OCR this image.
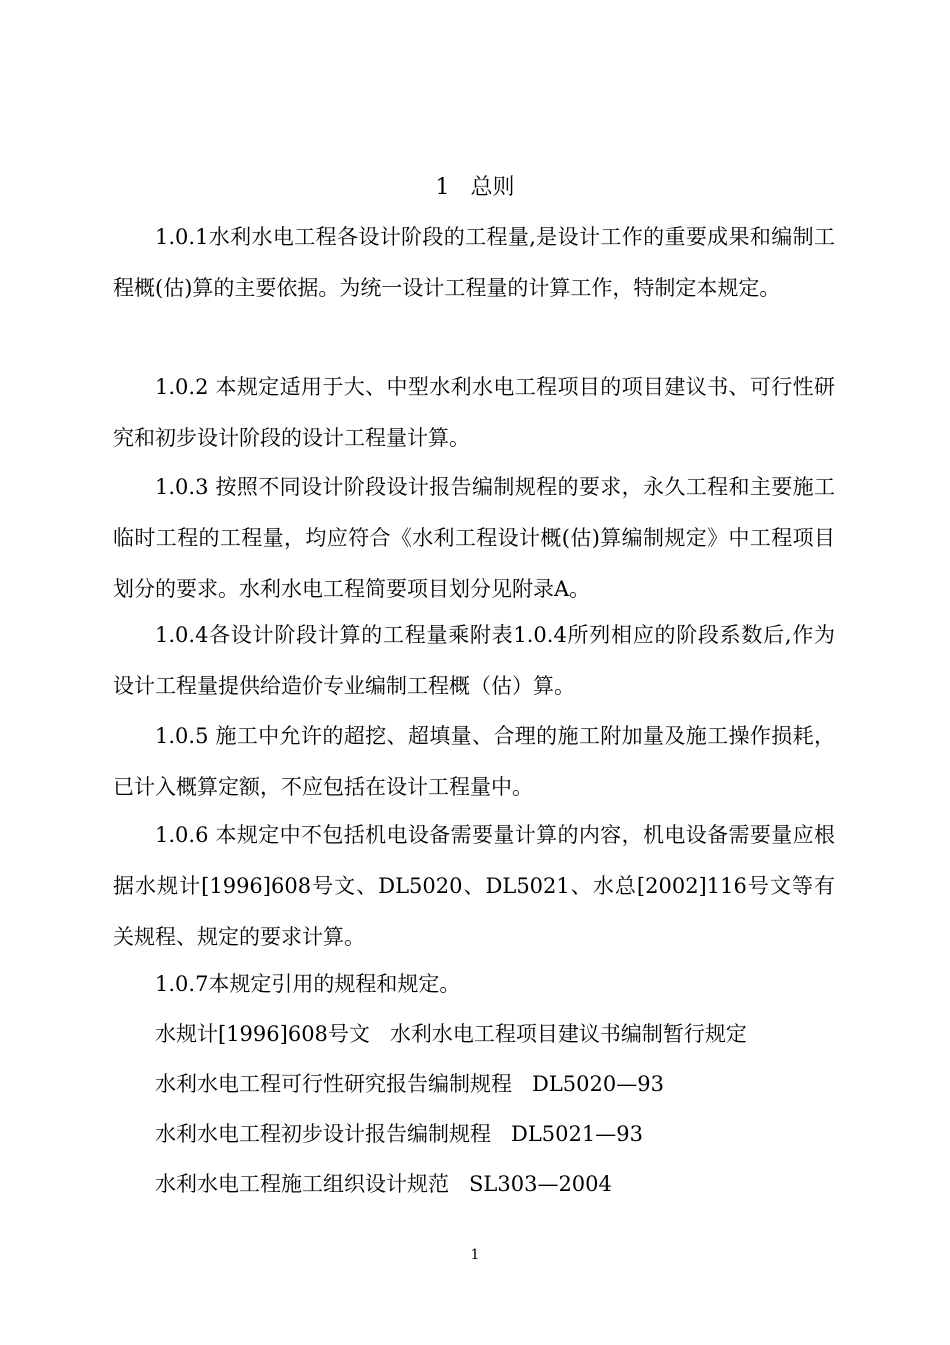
1   总则
1.0.1水利水电工程各设计阶段的工程量,是设计工作的重要成果和编制工程概(估)算的主要依据。为统一设计工程量的计算工作，特制定本规定。
1.0.2 本规定适用于大、中型水利水电工程项目的项目建议书、可行性研究和初步设计阶段的设计工程量计算。
1.0.3 按照不同设计阶段设计报告编制规程的要求，永久工程和主要施工临时工程的工程量，均应符合《水利工程设计概(估)算编制规定》中工程项目划分的要求。水利水电工程简要项目划分见附录A。
1.0.4各设计阶段计算的工程量乘附表1.0.4所列相应的阶段系数后,作为设计工程量提供给造价专业编制工程概（估）算。
1.0.5 施工中允许的超挖、超填量、合理的施工附加量及施工操作损耗，已计入概算定额，不应包括在设计工程量中。
1.0.6 本规定中不包括机电设备需要量计算的内容，机电设备需要量应根据水规计[1996]608号文、DL5020、DL5021、水总[2002]116号文等有关规程、规定的要求计算。
1.0.7本规定引用的规程和规定。
水规计[1996]608号文   水利水电工程项目建议书编制暂行规定
水利水电工程可行性研究报告编制规程   DL5020—93
水利水电工程初步设计报告编制规程   DL5021—93
水利水电工程施工组织设计规范   SL303—2004
1
